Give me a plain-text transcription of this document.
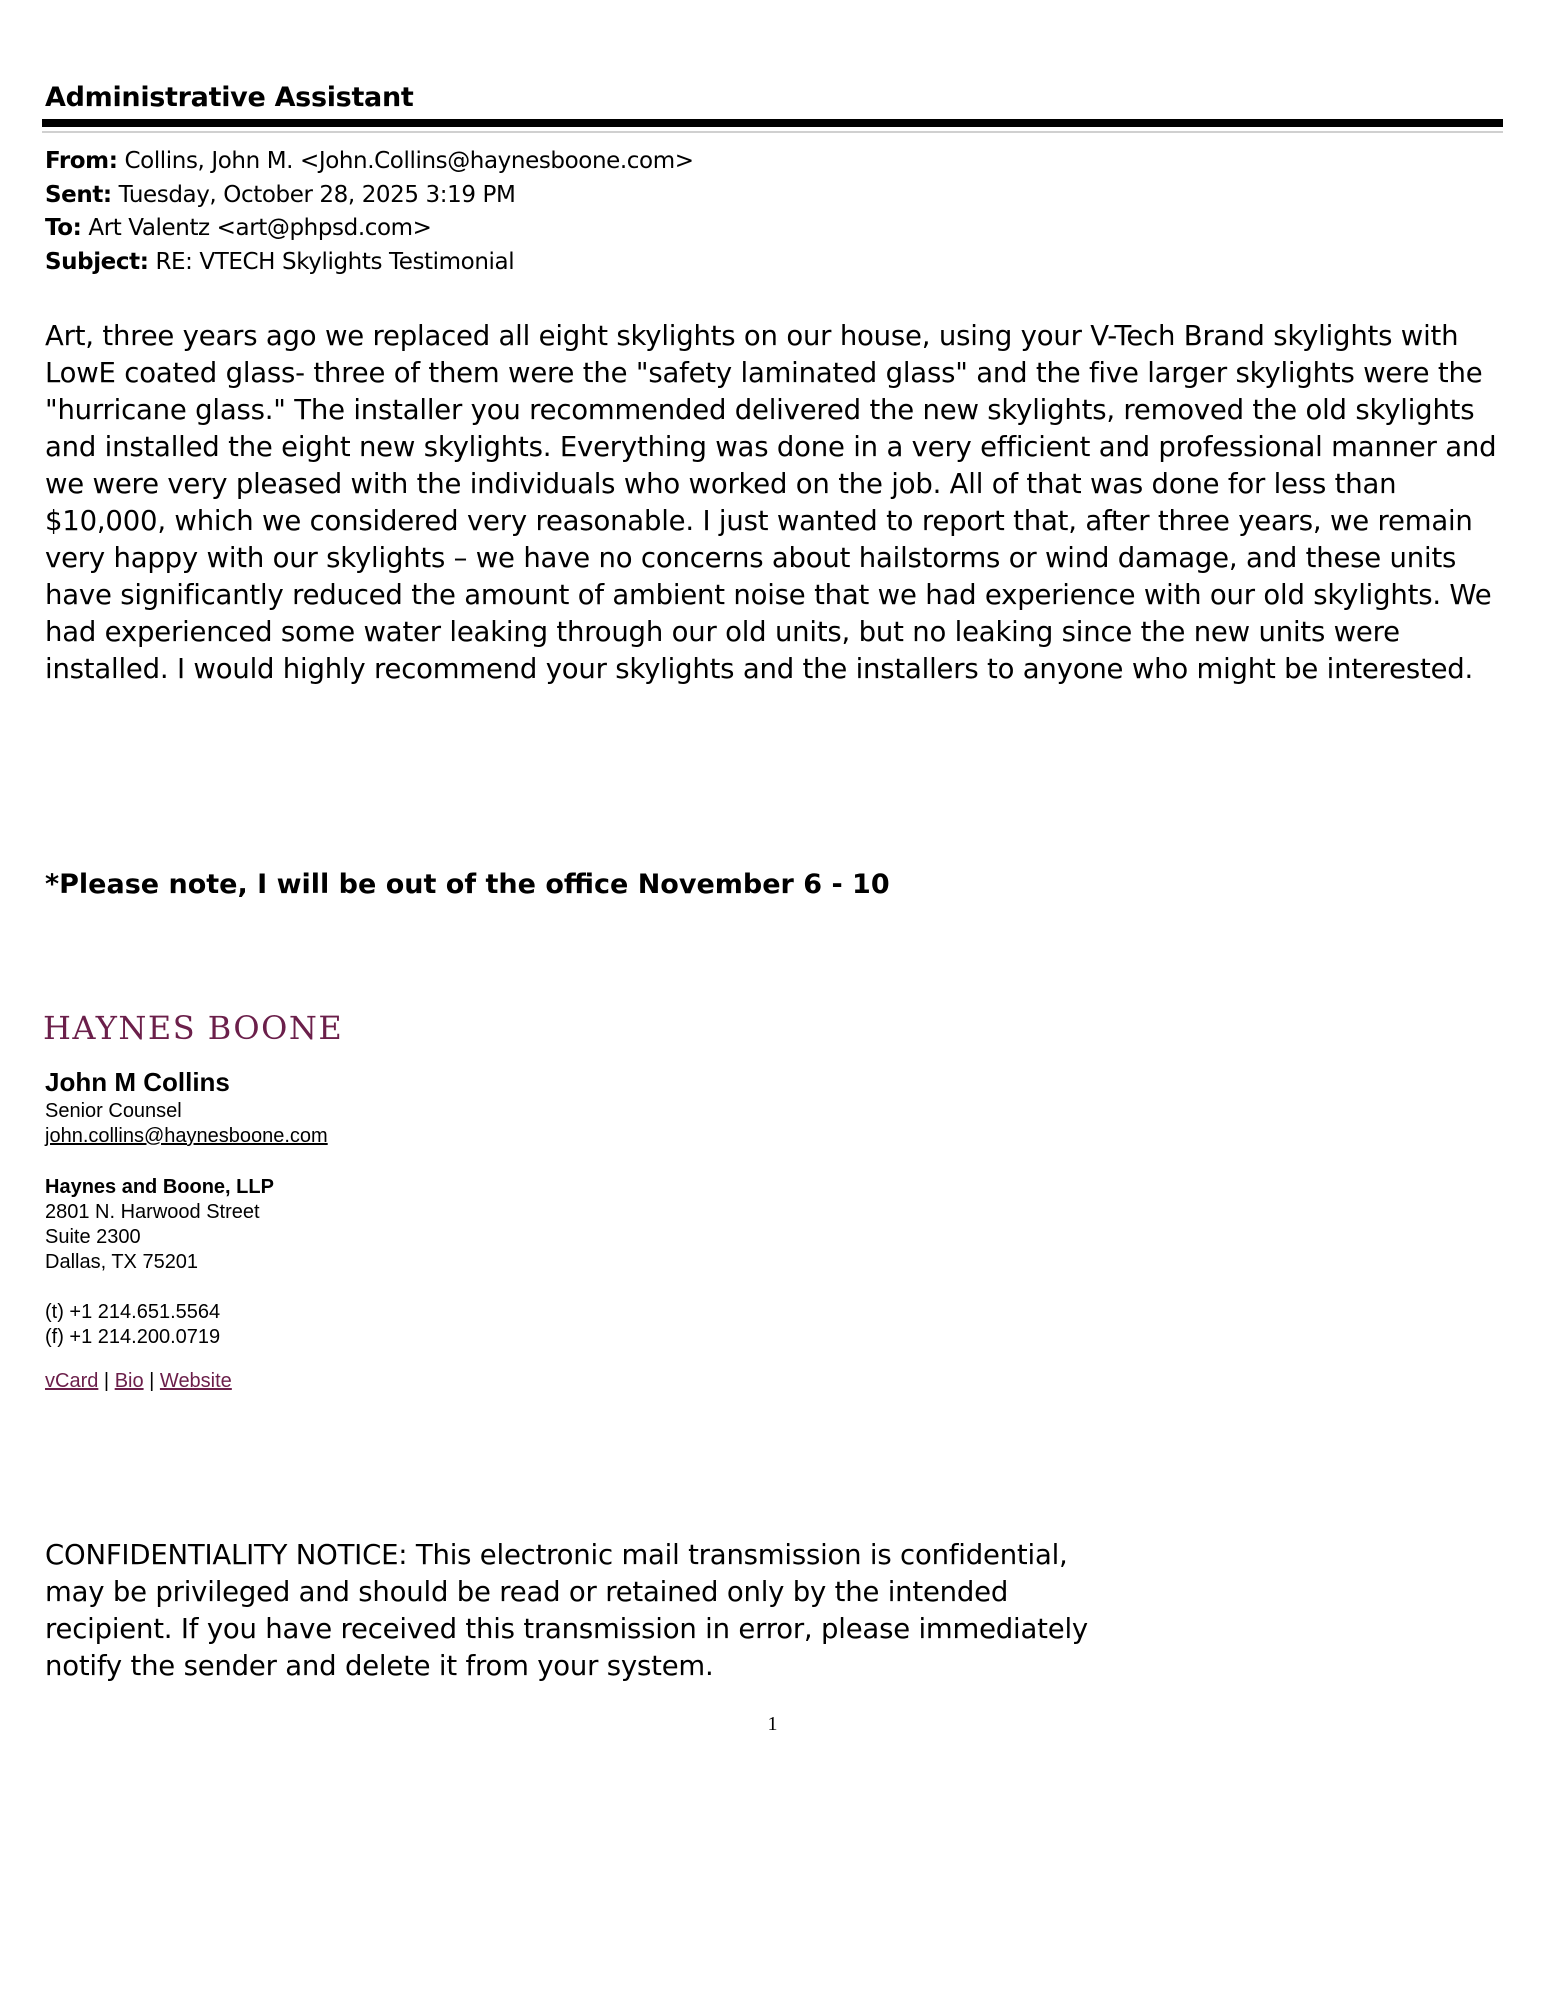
Administrative Assistant
From: Collins, John M. <John.Collins@haynesboone.com>
Sent: Tuesday, October 28, 2025 3:19 PM
To: Art Valentz <art@phpsd.com>
Subject: RE: VTECH Skylights Testimonial
Art, three years ago we replaced all eight skylights on our house, using your V-Tech Brand skylights with LowE coated glass- three of them were the "safety laminated glass" and the five larger skylights were the "hurricane glass." The installer you recommended delivered the new skylights, removed the old skylights and installed the eight new skylights. Everything was done in a very efficient and professional manner and we were very pleased with the individuals who worked on the job. All of that was done for less than $10,000, which we considered very reasonable. I just wanted to report that, after three years, we remain very happy with our skylights – we have no concerns about hailstorms or wind damage, and these units have significantly reduced the amount of ambient noise that we had experience with our old skylights. We had experienced some water leaking through our old units, but no leaking since the new units were installed. I would highly recommend your skylights and the installers to anyone who might be interested.
*Please note, I will be out of the office November 6 - 10
HAYNES BOONE
John M Collins
Senior Counsel
john.collins@haynesboone.com
Haynes and Boone, LLP
2801 N. Harwood Street
Suite 2300
Dallas, TX 75201
(t) +1 214.651.5564
(f) +1 214.200.0719
vCard | Bio | Website
CONFIDENTIALITY NOTICE: This electronic mail transmission is confidential, may be privileged and should be read or retained only by the intended recipient. If you have received this transmission in error, please immediately notify the sender and delete it from your system.
1
